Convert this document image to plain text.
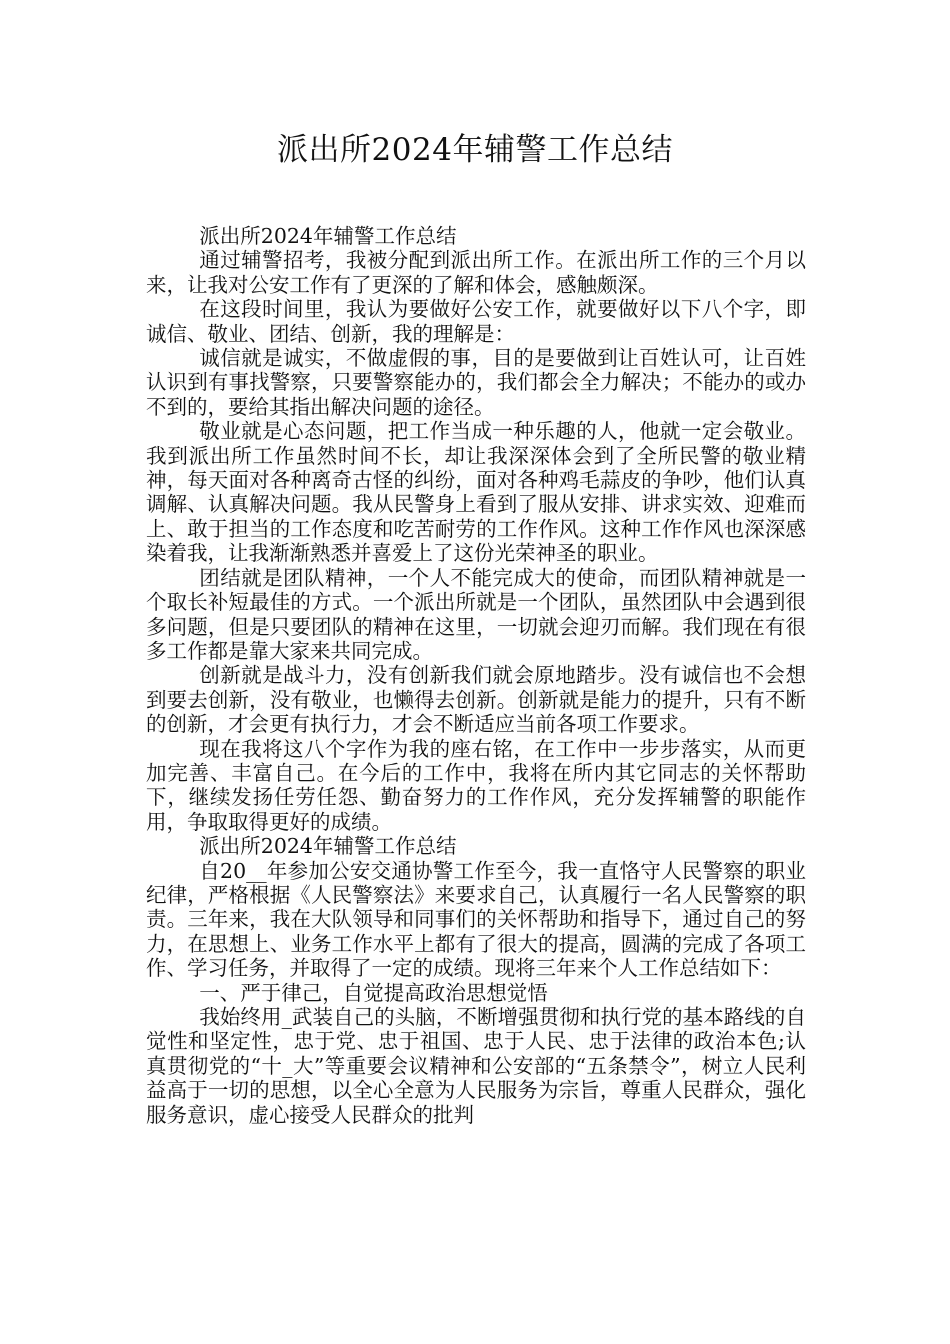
派出所2024年辅警工作总结

派出所2024年辅警工作总结

通过辅警招考，我被分配到派出所工作。在派出所工作的三个月以来，让我对公安工作有了更深的了解和体会，感触颇深。

在这段时间里，我认为要做好公安工作，就要做好以下八个字，即诚信、敬业、团结、创新，我的理解是：

诚信就是诚实，不做虚假的事，目的是要做到让百姓认可，让百姓认识到有事找警察，只要警察能办的，我们都会全力解决；不能办的或办不到的，要给其指出解决问题的途径。

敬业就是心态问题，把工作当成一种乐趣的人，他就一定会敬业。我到派出所工作虽然时间不长，却让我深深体会到了全所民警的敬业精神，每天面对各种离奇古怪的纠纷，面对各种鸡毛蒜皮的争吵，他们认真调解、认真解决问题。我从民警身上看到了服从安排、讲求实效、迎难而上、敢于担当的工作态度和吃苦耐劳的工作作风。这种工作作风也深深感染着我，让我渐渐熟悉并喜爱上了这份光荣神圣的职业。

团结就是团队精神，一个人不能完成大的使命，而团队精神就是一个取长补短最佳的方式。一个派出所就是一个团队，虽然团队中会遇到很多问题，但是只要团队的精神在这里，一切就会迎刃而解。我们现在有很多工作都是靠大家来共同完成。

创新就是战斗力，没有创新我们就会原地踏步。没有诚信也不会想到要去创新，没有敬业，也懒得去创新。创新就是能力的提升，只有不断的创新，才会更有执行力，才会不断适应当前各项工作要求。

现在我将这八个字作为我的座右铭，在工作中一步步落实，从而更加完善、丰富自己。在今后的工作中，我将在所内其它同志的关怀帮助下，继续发扬任劳任怨、勤奋努力的工作作风，充分发挥辅警的职能作用，争取取得更好的成绩。

派出所2024年辅警工作总结

自20__年参加公安交通协警工作至今，我一直恪守人民警察的职业纪律，严格根据《人民警察法》来要求自己，认真履行一名人民警察的职责。三年来，我在大队领导和同事们的关怀帮助和指导下，通过自己的努力，在思想上、业务工作水平上都有了很大的提高，圆满的完成了各项工作、学习任务，并取得了一定的成绩。现将三年来个人工作总结如下：

一、严于律己，自觉提高政治思想觉悟

我始终用_武装自己的头脑，不断增强贯彻和执行党的基本路线的自觉性和坚定性，忠于党、忠于祖国、忠于人民、忠于法律的政治本色;认真贯彻党的“十_大”等重要会议精神和公安部的“五条禁令”，树立人民利益高于一切的思想，以全心全意为人民服务为宗旨，尊重人民群众，强化服务意识，虚心接受人民群众的批判
